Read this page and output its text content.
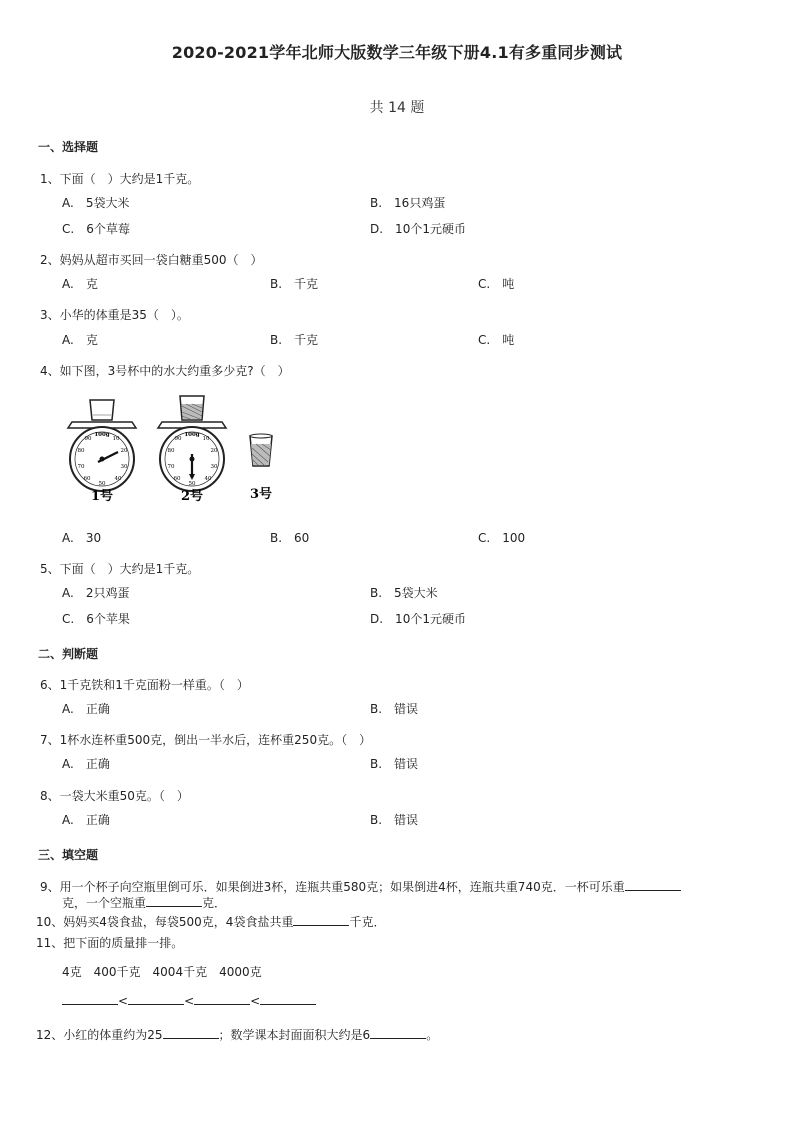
2020-2021学年北师大版数学三年级下册4.1有多重同步测试
共 14 题
一、选择题
1、下面（　）大约是1千克。
A.　5袋大米	B.　16只鸡蛋
C.　6个草莓	D.　10个1元硬币
2、妈妈从超市买回一袋白糖重500（　）
A.　克	B.　千克	C.　吨
3、小华的体重是35（　）。
A.　克	B.　千克	C.　吨
4、如下图，3号杯中的水大约重多少克?（　）
100g
10
20
30
40
50
60
70
80
90
1号
100g
10
20
30
40
50
60
70
80
90
2号	3号
A.　30	B.　60	C.　100
5、下面（　）大约是1千克。
A.　2只鸡蛋	B.　5袋大米
C.　6个苹果	D.　10个1元硬币
二、判断题
6、1千克铁和1千克面粉一样重。（　）
A.　正确	B.　错误
7、1杯水连杯重500克，倒出一半水后，连杯重250克。（　）
A.　正确	B.　错误
8、一袋大米重50克。（　）
A.　正确	B.　错误
三、填空题
9、用一个杯子向空瓶里倒可乐．如果倒进3杯，连瓶共重580克；如果倒进4杯，连瓶共重740克．一杯可乐重
克，一个空瓶重	克．
10、妈妈买4袋食盐，每袋500克，4袋食盐共重	千克．
11、把下面的质量排一排。
4克　400千克　4004千克　4000克
<	<	<
12、小红的体重约为25	；数学课本封面面积大约是6	。
